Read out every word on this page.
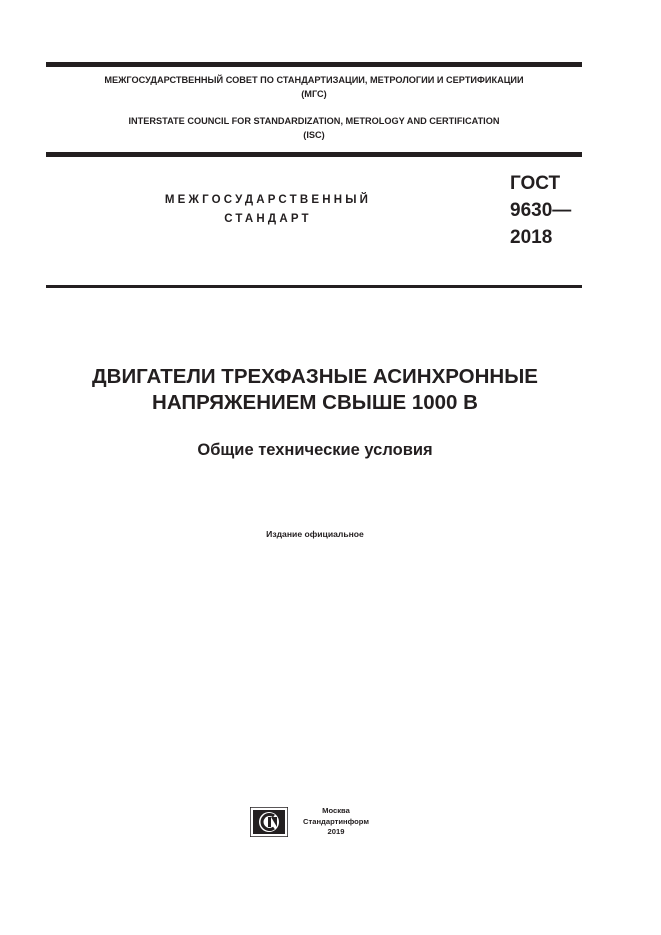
МЕЖГОСУДАРСТВЕННЫЙ СОВЕТ ПО СТАНДАРТИЗАЦИИ, МЕТРОЛОГИИ И СЕРТИФИКАЦИИ
(МГС)
INTERSTATE COUNCIL FOR STANDARDIZATION, METROLOGY AND CERTIFICATION
(ISC)
МЕЖГОСУДАРСТВЕННЫЙ
СТАНДАРТ
ГОСТ
9630—
2018
ДВИГАТЕЛИ ТРЕХФАЗНЫЕ АСИНХРОННЫЕ
НАПРЯЖЕНИЕМ СВЫШЕ 1000 В
Общие технические условия
Издание официальное
Москва
Стандартинформ
2019
